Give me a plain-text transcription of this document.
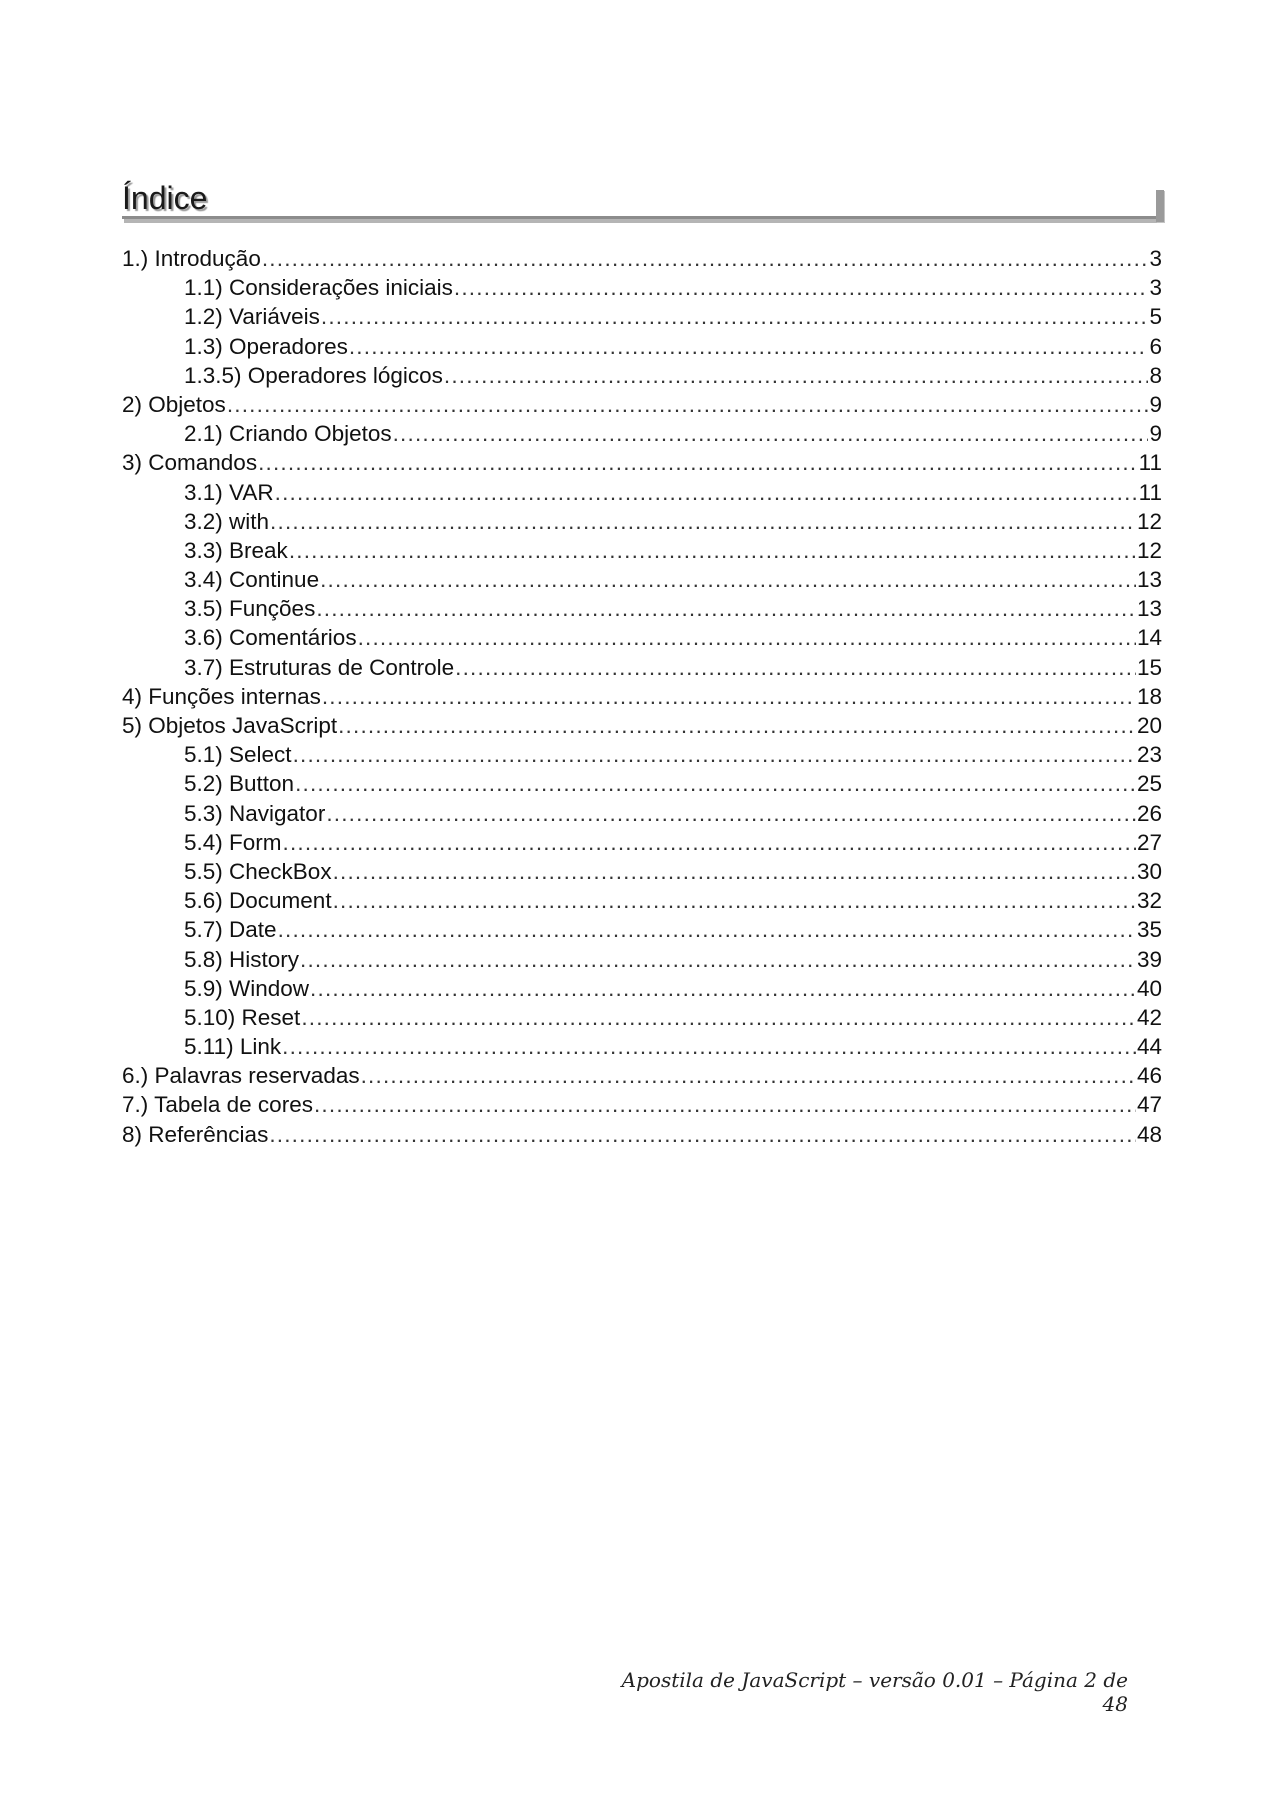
Índice
1.) Introdução .....	3
1.1) Considerações iniciais .....	3
1.2) Variáveis .....	5
1.3) Operadores .....	6
1.3.5) Operadores lógicos .....	8
2) Objetos .....	9
2.1) Criando Objetos .....	9
3) Comandos .....	11
3.1) VAR .....	11
3.2) with .....	12
3.3) Break .....	12
3.4) Continue .....	13
3.5) Funções .....	13
3.6) Comentários .....	14
3.7) Estruturas de Controle .....	15
4) Funções internas .....	18
5) Objetos JavaScript .....	20
5.1) Select .....	23
5.2) Button .....	25
5.3) Navigator .....	26
5.4) Form .....	27
5.5) CheckBox .....	30
5.6) Document .....	32
5.7) Date .....	35
5.8) History .....	39
5.9) Window .....	40
5.10) Reset .....	42
5.11) Link .....	44
6.) Palavras reservadas .....	46
7.) Tabela de cores .....	47
8) Referências .....	48
Apostila de JavaScript – versão 0.01 – Página 2 de 48
